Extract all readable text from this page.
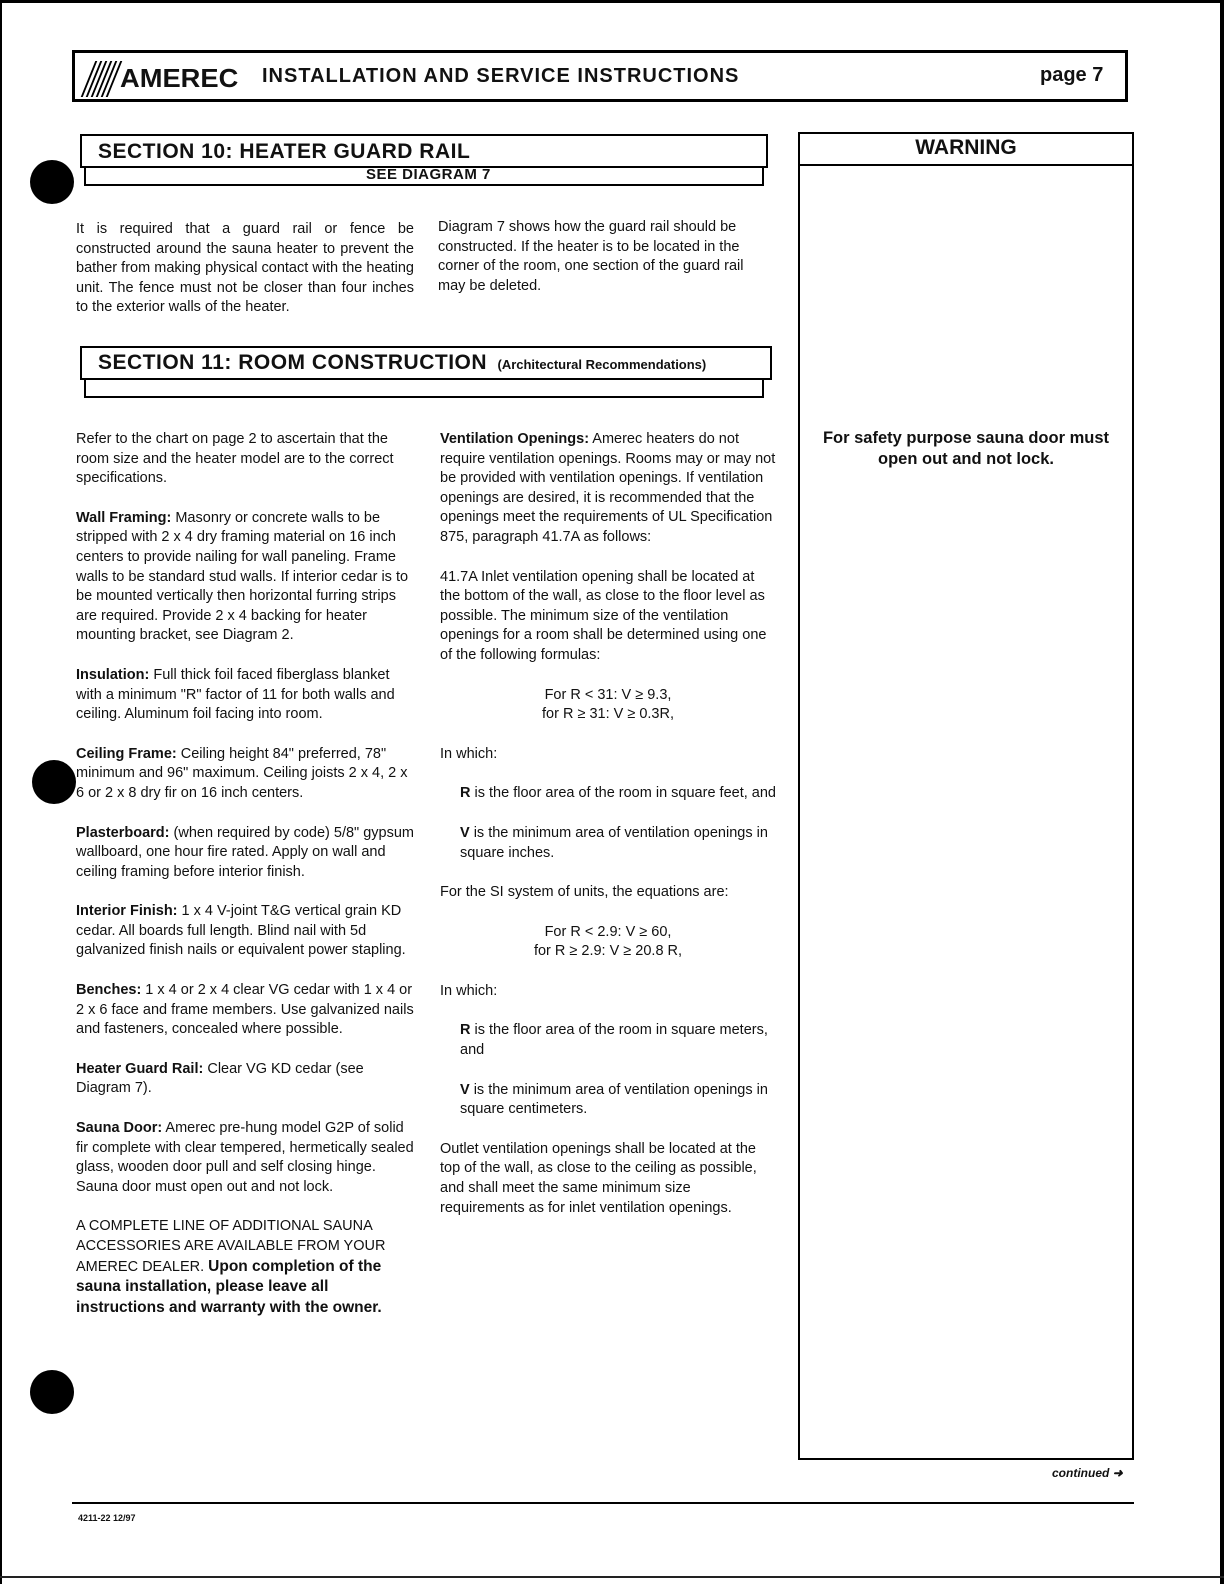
AMEREC INSTALLATION AND SERVICE INSTRUCTIONS	page 7
SECTION 10: HEATER GUARD RAIL
SEE DIAGRAM 7
It is required that a guard rail or fence be constructed around the sauna heater to prevent the bather from making physical contact with the heating unit. The fence must not be closer than four inches to the exterior walls of the heater.
Diagram 7 shows how the guard rail should be constructed. If the heater is to be located in the corner of the room, one section of the guard rail may be deleted.
SECTION 11: ROOM CONSTRUCTION (Architectural Recommendations)

Refer to the chart on page 2 to ascertain that the room size and the heater model are to the correct specifications.

Wall Framing: Masonry or concrete walls to be stripped with 2 x 4 dry framing material on 16 inch centers to provide nailing for wall paneling. Frame walls to be standard stud walls. If interior cedar is to be mounted vertically then horizontal furring strips are required. Provide 2 x 4 backing for heater mounting bracket, see Diagram 2.

Insulation: Full thick foil faced fiberglass blanket with a minimum "R" factor of 11 for both walls and ceiling. Aluminum foil facing into room.

Ceiling Frame: Ceiling height 84" preferred, 78" minimum and 96" maximum. Ceiling joists 2 x 4, 2 x 6 or 2 x 8 dry fir on 16 inch centers.

Plasterboard: (when required by code) 5/8" gypsum wallboard, one hour fire rated. Apply on wall and ceiling framing before interior finish.

Interior Finish: 1 x 4 V-joint T&G vertical grain KD cedar. All boards full length. Blind nail with 5d galvanized finish nails or equivalent power stapling.

Benches: 1 x 4 or 2 x 4 clear VG cedar with 1 x 4 or 2 x 6 face and frame members. Use galvanized nails and fasteners, concealed where possible.

Heater Guard Rail: Clear VG KD cedar (see Diagram 7).

Sauna Door: Amerec pre-hung model G2P of solid fir complete with clear tempered, hermetically sealed glass, wooden door pull and self closing hinge. Sauna door must open out and not lock.

A COMPLETE LINE OF ADDITIONAL SAUNA ACCESSORIES ARE AVAILABLE FROM YOUR AMEREC DEALER. Upon completion of the sauna installation, please leave all instructions and warranty with the owner.

Ventilation Openings: Amerec heaters do not require ventilation openings. Rooms may or may not be provided with ventilation openings. If ventilation openings are desired, it is recommended that the openings meet the requirements of UL Specification 875, paragraph 41.7A as follows:

41.7A Inlet ventilation opening shall be located at the bottom of the wall, as close to the floor level as possible. The minimum size of the ventilation openings for a room shall be determined using one of the following formulas:

For R < 31: V ≥ 9.3,
for R ≥ 31: V ≥ 0.3R,

In which:

R is the floor area of the room in square feet, and

V is the minimum area of ventilation openings in square inches.

For the SI system of units, the equations are:

For R < 2.9: V ≥ 60,
for R ≥ 2.9: V ≥ 20.8 R,

In which:

R is the floor area of the room in square meters, and

V is the minimum area of ventilation openings in square centimeters.

Outlet ventilation openings shall be located at the top of the wall, as close to the ceiling as possible, and shall meet the same minimum size requirements as for inlet ventilation openings.

WARNING
For safety purpose sauna door must open out and not lock.
continued ➜
4211-22 12/97
